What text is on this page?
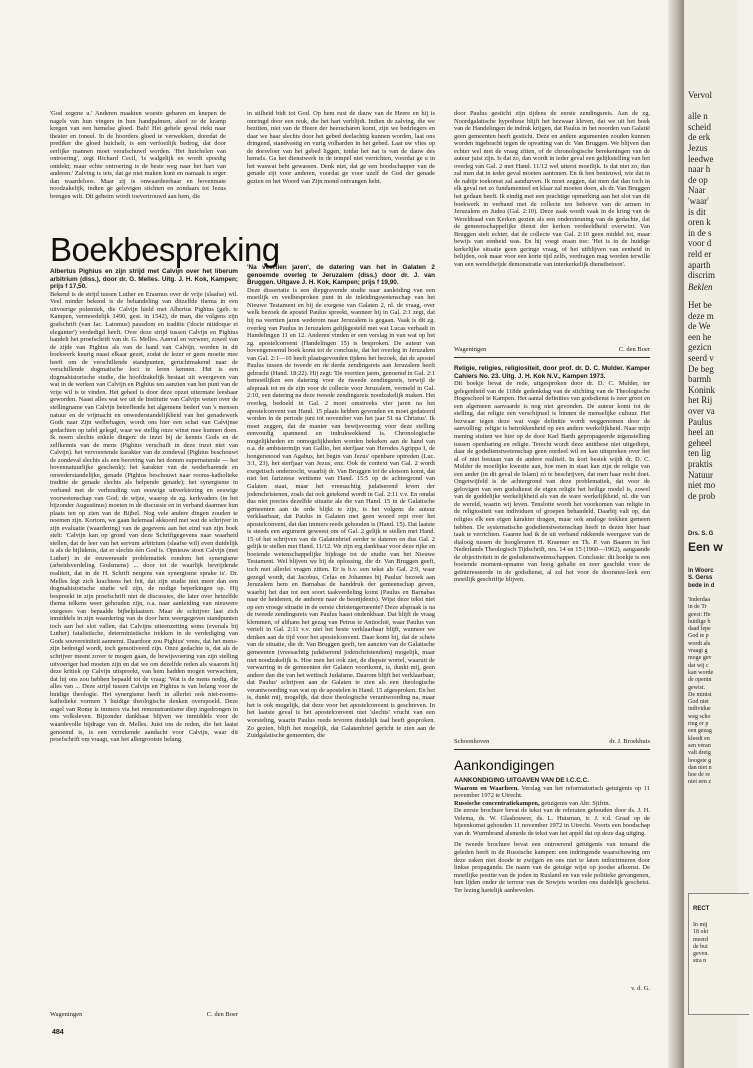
'God zegene u.' Anderen maakten woeste gebaren en knepen de nagels van hun vingers in hun handpalmen, alsof ze de kramp kregen van een hemelse gloed. Bah! Het gehele geval riekt naar theater en toneel. In de hoorders gloed te verwekken, doordat de prediker die gloed huichelt, is een verfoeilijk bedrog, dat door eerlijke mannen moet verafschuwd worden. 'Het huichelen van ontroering', zegt Richard Cecil, 'is walgelijk en wordt spoedig ontdekt; maar echte ontroering is de beste weg naar het hart van anderen.' Zalving is iets, dat ge niet maken kunt en namaak is erger dan waardeloos. Maar zij is onwaardeerbaar en bovenmate noodzakelijk, indien ge gelovigen stichten en zondaars tot Jezus brengen wilt. Dit geheim wordt toevertrouwd aan hem, die

in stilheid bidt tot God. Op hem rust de dauw van de Heere en hij is omringd door een reuk, die het hart verblijdt. Indien de zalving, die we bezitten, niet van de Heere der heerscharen komt, zijn we bedriegers en daar we haar slechts door het gebed deelachtig kunnen worden, laat ons dringend, standvastig en vurig volharden in het gebed. Laat uw vlies op de dorsvloer van het gebed liggen, totdat het nat is van de dauw des hemels. Ga het dienstwerk in de tempel niet verrichten, voordat ge u in het waswat hebt gewassen. Denk niet, dat ge een boodschapper van de genade zijt voor anderen, voordat ge voor uzelf de God der genade gezien en het Woord van Zijn mond ontvangen hebt.

door Paulus gesticht zijn tijdens de eerste zendingsreis. Aan de zg. Noordgalatische hypothese blijft het bezwaar kleven, dat we uit het boek van de Handelingen de indruk krijgen, dat Paulus in het noorden van Galatië geen gemeenten heeft gesticht. Deze en andere argumenten zouden kunnen worden ingebracht tegen de opvatting van dr. Van Bruggen. We blijven dan echter wel met de vraag zitten, of de chronologische berekeningen van de auteur juist zijn. Is dat zo, dan wordt in ieder geval een gelijkstelling van het overleg van Gal. 2 met Hand. 11/12 wel uiterst moeilijk. Is dat niet zo, dan zal men dat in ieder geval moeten aantonen. En ik ben benieuwd, wie dat in de nabije toekomst zal aandurven. Ik moet zeggen, dat men dat dan toch in elk geval net zo fundamenteel en klaar zal moeten doen, als dr. Van Bruggen het gedaan heeft. Ik eindig met een prachtige opmerking aan het slot van dit boekwerk in verband met de collecte ten behoeve van de armen in Jeruzalem en Judea (Gal. 2:10). Deze zaak wordt vaak in de kring van de Wereldraad van Kerken gezien als een ondersteuning van de gedachte, dat de gemeenschappelijke dienst der kerken verdeeldheid overwint. Van Bruggen stelt echter, dat de collecte van Gal. 2:10 geen middel tot, maar bewijs van eenheid was. En hij voegt eraan toe: 'Het is in de huidige kerkelijke situatie geen geringe vraag, of het uitblijven van eenheid in belijden, ook maar voor een korte tijd zelfs, verdragen mag worden terwille van een wereldwijde demonstratie van interkerkelijk dienstbetoon'.

Wageningen	C. den Boer
Boekbespreking

Albertus Pighius en zijn strijd met Calvijn over het liberum arbitrium (diss.), door dr. G. Melles. Uitg. J. H. Kok, Kampen; prijs f 17,50.

Bekend is de strijd tussen Luther en Erasmus over de vrije (slaafse) wil. Veel minder bekend is de behandeling van ditzelfde thema in een uitvoerige polemiek, die Calvijn hield met Albertus Pighius (geb. te Kampen, vermoedelijk 1490, gest. in 1542), de man, die volgens zijn grafschrift (van Jac. Latomus) pausdom en traditie ('docte nitidoque et eleganter') verdedigd heeft. Over deze strijd tussen Calvijn en Pighius handelt het proefschrift van dr. G. Melles. Aanval en verweer, zowel van de zijde van Pighius als van de hand van Calvijn, worden in dit boekwerk keurig naast elkaar gezet, zodat de lezer er geen moeite mee heeft om de verschillende standpunten, geruchtmakend naar de verschillende dogmatische loci te leren kennen. Het is een dogmahistorische studie, die hoofdzakelijk bestaat uit weergeven van wat in de werken van Calvijn en Pighius ten aanzien van het punt van de vrije wil is te vinden. Het geheel is door deze opzet uitermate leesbaar geworden. Naast alles wat we uit de Institutie van Calvijn weten over de stellingname van Calvijn betreffende het algemene bederf van 's mensen natuur en de vrijmacht en onwederstandelijkheid van het genadewerk Gods naar Zijn welbehagen, wordt ons hier een schat van Calvijnse gedachten op tafel gelegd, waar we stellig onze winst mee kunnen doen. Ik noem slechts enkele dingen: de inzet bij de kennis Gods en de zelfkennis van de mens (Pighius verschuilt in deze inzet niet van Calvijn). het vervoortende karakter van de zondeval (Pighius beschouwt de zondeval slechts als een beroving van het donum supernaturale — het bovennatuurlijke geschenk); het karakter van de wederbarende en onwederstandelijke, genade (Pighius beschouwt naar rooms-katholieke traditie de genade slechts als helpende genade); het synergisme in verband met de verhouding van eeuwige uitverkiezing en eeuwige voorwetenschap van God; de wijze, waarop de zg. kerkvaders (in het bijzonder Augustinus) moeten in de discussie en in verband daarmee hun plaats ten op zien van de Bijbel. Nog vele andere dingen zouden te noemen zijn. Kortom, we gaan helemaal akkoord met wat de schrijver in zijn evaluatie (waardering) van de gegevens aan het eind van zijn boek stelt: 'Calvijn kan op grond van deze Schriftgegevens naar waarheid stellen, dat de leer van het servum arbitrium (slaafse wil) even duidelijk is als de bijlidenis, dat er slechts één God is. Opnieuw stoot Calvijn (met Luther) in de eeuwenoude problematiek rondom het synergisme (arbeidsverdeling Godsmens) ... door tot de waarlijk bevrijdende realiteit, dat in de H. Schrift nergens van synergisme sprake is'. Dr. Melles legt zich krachtens het feit, dat zijn studie niet meer dan een dogmahistorische studie wil zijn, de nodige beperkingen op. Hij bespreekt in zijn proefschrift niet de discussies, die later over hetzelfde thema telkens weer gehouden zijn, o.a. naar aanleiding van nieuwere exegeses van bepaalde bijbelplaatsen. Maar de schrijver laat zich inmiddels in zijn waardering van de door hem weergegeven standpunten toch aan het slot vallen, dat Calvijns uiteenzetting soms (evenals bij Luther) fatalistische, deterministische trekken in de verdediging van Gods souvereiniteit aannemt. Daardoor zou Pighius' vrees, dat het mens-zijn bedreigd wordt, toch gemotiveerd zijn. Onze gedachte is, dat als de schrijver meent zover te mogen gaan, de bewijsvoering van zijn stelling uitvoeriger had moeten zijn en dat we om dezelfde reden als waarom hij deze kritiek op Calvijn uitspreekt, van hem hadden mogen verwachten, dat hij ons zou hebben bepaald tot de vraag: 'Wat is de mens nodig, die alles van ... Deze strijd tussen Calvijn en Pighius is van belang voor de huidige theologie. Het synergisme heeft in allerlei ook niet-rooms-katholieke vormen 't huidige theologische denken overspoeld. Deze angel van Rome is immers via het remonstrantisme diep ingedrongen in ons volksleven. Bijzonder dankbaar blijven we inmiddels voor de waardevolle bijdrage van dr. Melles. Juist om de reden, die het laatst genoemd is, is een verrekende aandacht voor Calvijn, waar dit proefschrift om vraagt, van het allergrootste belang.

Wageningen	C. den Boer

'Na veertien jaren', de datering van het in Galaten 2 genoemde overleg te Jeruzalem (diss.) door dr. J. van Bruggen. Uitgave J. H. Kok, Kampen; prijs f 19,90.

Deze dissertatie is een diepgravende studie naar aanleiding van een moeilijk en veelbesproken punt in de inleidingswetenschap van het Nieuwe Testament en bij de exegese van Galaten 2, nl. de vraag, over welk bezoek de apostel Paulus spreekt, wanneer hij in Gal. 2:1 zegt, dat hij na veertien jaren wederom naar Jeruzalem is gegaan. Vaak is dit zg. overleg van Paulus in Jeruzalem gelijkgesteld met wat Lucas verhaalt in Handelingen 11 en 12. Anderen vinden er een verslag in van wat op het zg. apostelconvent (Handelingen 15) is besproken. De auteur van bovengenoemd boek komt tot de conclusie, dat het overleg in Jeruzalem van Gal. 2:1—10 heeft plaatsgevonden tijdens het bezoek, dat de apostel Paulus tussen de tweede en de derde zendingsreis aan Jeruzalem heeft gebracht (Hand. 18:22). Hij zegt: 'De veertien jaren, genoemd in Gal. 2:1 bemoeilijken een datering voor de tweede zendingsreis, terwijl de afspraak tot en de zijn voor de collecte voor Jeruzalem, vermeld in Gal. 2:10, een datering na deze tweede zendingsreis noodzakelijk maken. Het overleg, bedoeld in Gal. 2 moet omstreeks vier jaren na het apostelconvent van Hand. 15 plaats hebben gevonden en moet gedateerd worden in de periode juni tot november van het jaar 51 na Christus'. Ik moet zeggen, dat de manier van bewijsvoering voor deze stelling eenvoudig spannend en indrukwekkend is. Chronologische mogelijkheden en onmogelijkheden worden bekeken aan de hand van o.a. de ambtstermijn van Gallio, het sterfjaar van Herodes Agrippa I, de hongersnood van Agabus, het begin van Jezus' openbare optreden (Luc. 3:1, 23), het sterfjaar van Jezus, enz. Ook de context van Gal. 2 wordt exegetisch onderzocht, waarbij dr. Van Bruggen tot de slotsom komt, dat niet het farizeese wettisme van Hand. 15:5 op de achtergrond van Galaten staat, maar het vreesachtig judaïserend leven der jodenchristenen, zoals dat ook getekend wordt in Gal. 2:11 v.v. En omdat dus niet precies dezelfde situatie als die van Hand. 15 in de Galatische gemeenten aan de orde blijkt te zijn, is het volgens de auteur verklaarbaar, dat Paulus in Galaten met geen woord rept over het apostelconvent, dat dan immers reeds gehouden is (Hand. 15). Dat laatste is steeds een argument geweest om of Gal. 2 gelijk te stellen met Hand. 15 of het schrijven van de Galatenbrief eerder te dateren en dus Gal. 2 gelijk te stellen met Hand. 11/12. We zijn erg dankbaar voor deze rijke en boeiende wetenschappelijke bijdrage tot de studie van het Nieuwe Testament. Wel blijven we bij de oplossing, die dr. Van Bruggen geeft, toch met allerlei vragen zitten. Er is b.v. een tekst als Gal. 2:9, waar gezegd wordt, dat Jacobus, Cefas en Johannes bij Paulus' bezoek aan Jeruzalem hem en Barnabas de handdruk der gemeenschap geven, waarbij het dan tot een soort taakverdeling komt (Paulus en Barnabas naar de heidenen, de anderen naar de besnijdenis). Wijst deze tekst niet op een vroege situatie in de eerste christengemeente? Deze afspraak is na de tweede zendingsreis van Paulus haast ondenkbaar. Dat blijft de vraag klemmen, of althans het gezag van Petrus te Antiochië, waar Paulus van vertelt in Gal. 2:11 v.v. niet het beste verklaarbaar blijft, wanneer we denken aan de tijd voor het apostelconvent. Daar komt bij, dat de schets van de situatie, die dr. Van Bruggen geeft, ten aanzien van de Galatische gemeenten (vreesachtig judaïserend jodenchristendom) mogelijk, maar niet noodzakelijk is. Hoe men het ook ziet, de diepste wortel, waaruit de verwarring in de gemeenten der Galaten voortkomt, is, dunkt mij, geen andere dan die van het wettisch Judaïsme. Daarom blijft het verklaarbaar, dat Paulus' schrijven aan de Galaten te zien als een theologische verantwoording van wat op de apostelen in Hand. 15 afgesproken. En het is, dunkt mij, mogelijk, dat deze theologische verantwoording na, maar het is ook mogelijk, dat deze voor het apostelconvent is geschreven. In het laatste geval is het apostelconvent niet 'slechts' vrucht van een worsteling, waarin Paulus reeds tevoren duidelijk taal heeft gesproken. Zo gezien, blijft het mogelijk, dat Galatenbrief gericht te zien aan de Zuidgalatische gemeenten, die

Religie, religies, religiositeit, door prof. dr. D. C. Mulder. Kamper Cahiers No. 23. Uitg. J. H. Kok N.V., Kampen 1973.

Dit boekje bevat de rede, uitgesproken door dr. D. C. Mulder, ter gelegenheid van de 118de gedenkdag van de stichting van de Theologische Hogeschool te Kampen. Het aantal definities van godsdienst is zeer groot en een algemeen aanvaarde is nog niet gevonden. De auteur komt tot de stelling, dat religie een verschijnsel is binnen de menselijke cultuur. Het bezwaar tegen deze wat vage definitie wordt weggenomen door de aanvulling: religie is betrokkenheid op een andere werkelijkheid. Naar mijn mening stuiten we hier op de door Karl Barth gepropageerde tegenstelling tussen openbaring en religie. Terecht wordt deze antithese niet uitgediept, daar de godsdienstwetenschap geen oordeel wil en kan uitspreken over het al of niet bestaan van de andere realiteit. In kort bestek wijdt dr. D. C. Mulder de moeilijke kwestie aan, hoe men in staat kan zijn de religie van een ander (in dit geval de Islam) zó te beschrijven, dat men haar recht doet. Ongetwijfeld is de achtergrond van deze problematiek, dat voor de gelovigen van een godsdienst de eigen religie het heilige model is, zowel van de goddelijke werkelijkheid als van de ware werkelijkheid, nl. die van de wereld, waarin wij leven. Tenslotte wordt het voorkomen van religie in de religiositeit van individuen of groepen behandeld. Daarbij valt op, dat religies elk een eigen karakter dragen, maar ook analoge trekken gemeen hebben. De systematische godsdienstwetenschap heeft in dezen hier haar taak te verrichten. Gaarne had ik de uit verband rukkende weergave van de dialoog tussen de hoogleraren H. Kraemer en Th. P. van Baaren in het Nederlands Theologisch Tijdschrift, nrs. 14 en 15 (1960—1962), aangaande de objectiviteit in de godsdienstwetenschappen. Conclusie: dit boekje is een boeiende moment-opname van hoog gehalte en zeer geschikt voor de geïnteresseerde in de godsdienst, al zal het voor de doorsnee-leek een moeilijk geschriftje blijven.

Schoonhoven	dr. J. Broekhuis
Aankondigingen

AANKONDIGING UITGAVEN VAN DE I.C.C.C.

Waarom en Waarheen. Verslag van het reformatorisch getuigenis op 11 november 1972 te Utrecht.

Russische concentratiekampen, getuigenis van Abr. Sjifrin.

De eerste brochure bevat de tekst van de referaten gehouden door ds. J. H. Velema, ds. W. Glashouwer, ds. L. Huisman, ir. J. v.d. Graaf op de bijeenkomst gehouden 11 november 1972 in Utrecht. Voorts een boodschap van dr. Wurmbrand alsmede de tekst van het appèl dat op deze dag uitging.

De tweede brochure bevat een ontroerend getuigenis van iemand die geleden heeft in de Russische kampen: een indringende waarschuwing om deze zaken niet doode te zwijgen en ons niet te laten indoctrineren door linkse propaganda. De naam van de getuige wijst op joodse afkomst. De moeilijke positie van de joden in Rusland en van vele politieke gevangenen, hun lijden onder de terreur van de Sowjets worden ons duidelijk geschetst. Ter lezing hartelijk aanbevolen.

v. d. G.
484
Vervol

alle n
scheid
de erk
Jezus
leedwe
naar h
de op
Naar
'waar'
is dit
oren k
in de s
voor d
reld er
aparth
discrim
Beklen
Het be
deze m
de We
een he
gezicn
seerd v
De beg
barmh
Konink
het Rij
over va
Paulus
heel an
geheel
ten lig
praktis
Natuur
niet mo
de prob
Drs. S. G
Een w
In Woorc
S. Gerss
bede in d
'Inderdaa
in de Tr
geest: He
huidige b
daad lepe
God te p
wordt als
vraagt g
moge gev
dat wij c
kan worde
de openin
gewist.
De minist
God niet
individue
weg scho
ring er p
een gezag
kleedt en
sen veran
valt dreig
hoogste g
dan niet n
hoe de re
niet een z
RECT
In mij
18 okt
meerd
de bui
geven.
stra n
